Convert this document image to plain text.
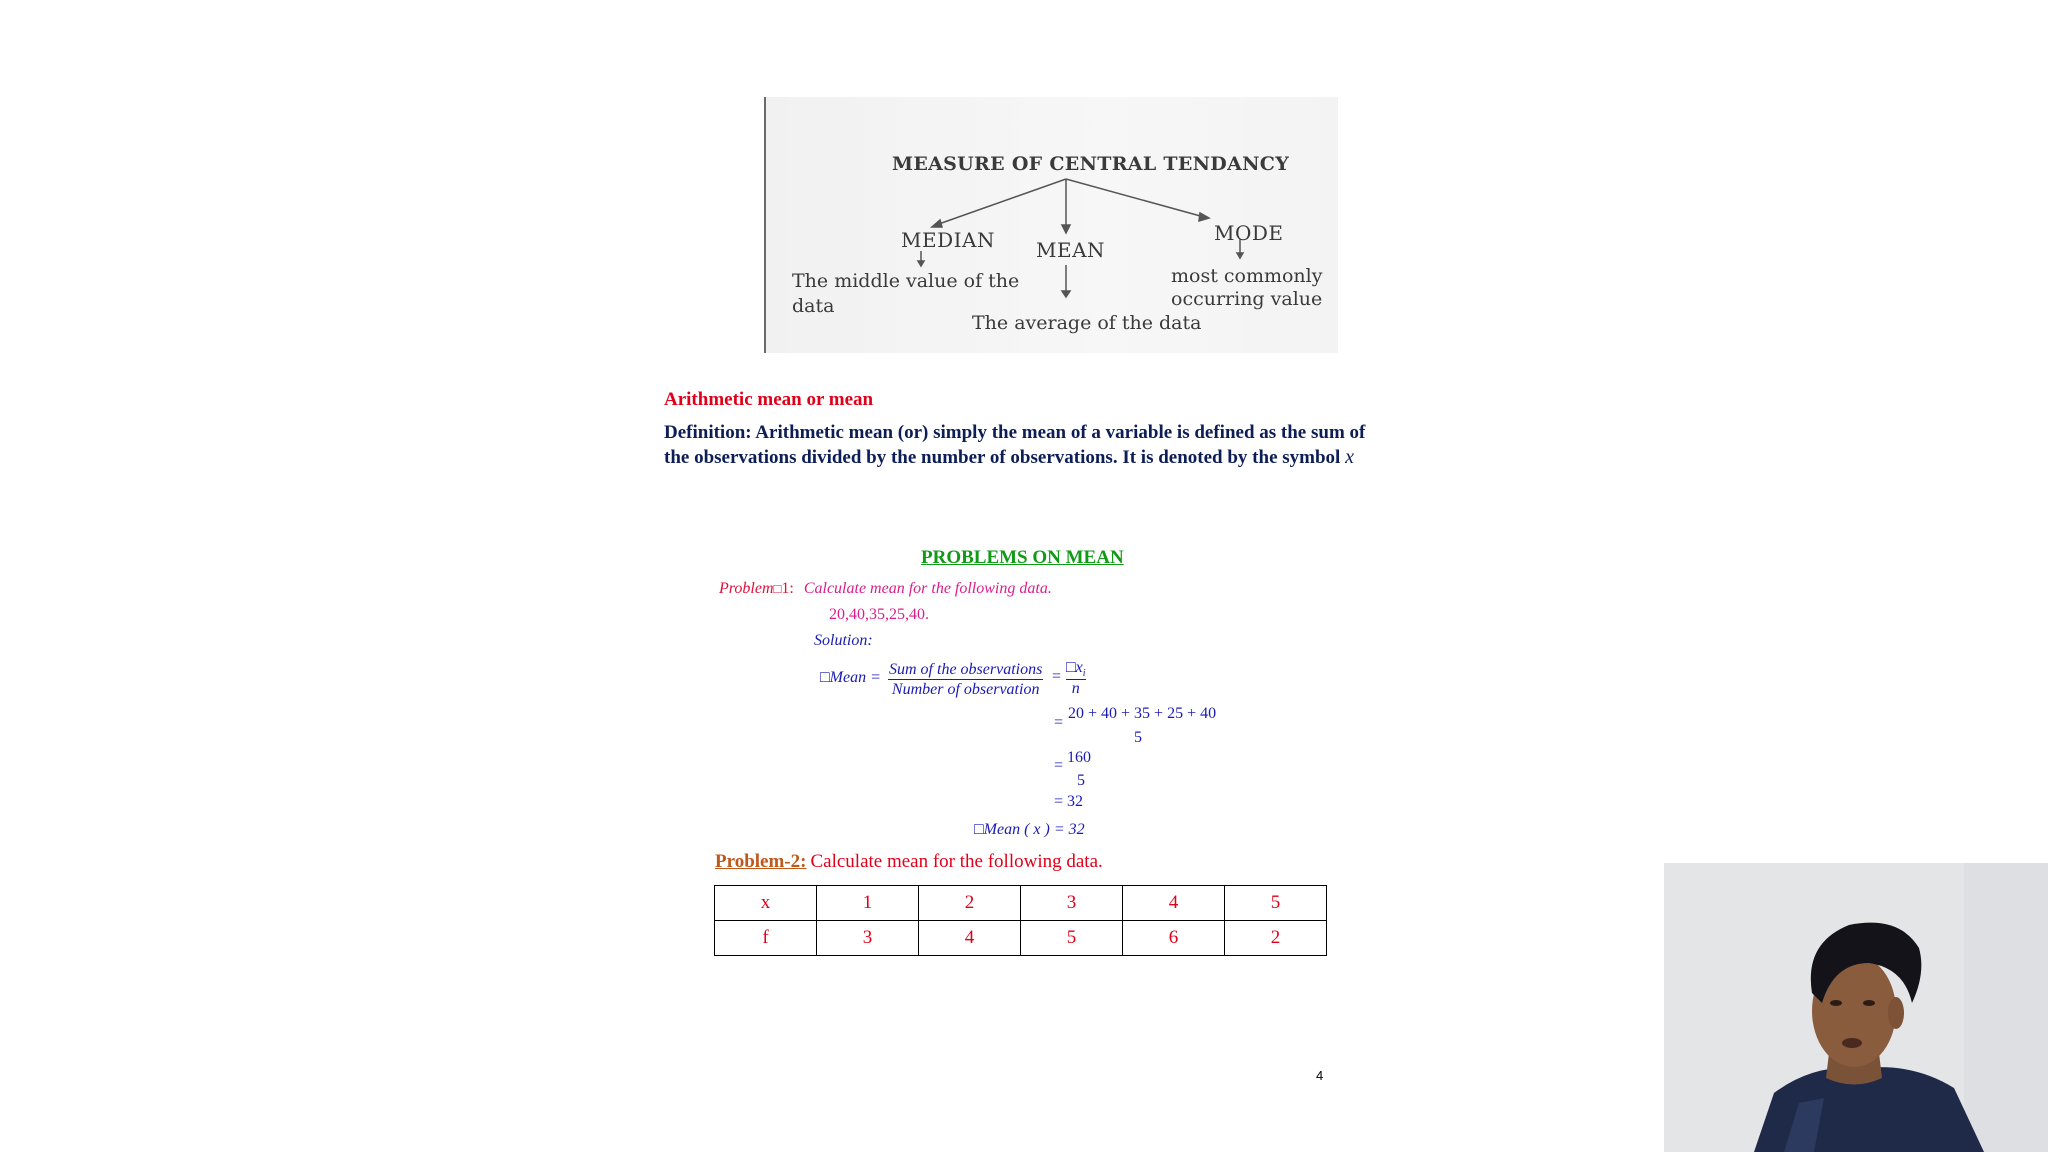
MEASURE OF CENTRAL TENDANCY
MEDIAN MEAN
MODE
The middle value of the
data
The average of the data
most commonly
occurring value
Arithmetic mean or mean
Definition: Arithmetic mean (or) simply the mean of a variable is defined as the sum of
the observations divided by the number of observations. It is denoted by the symbol x
PROBLEMS ON MEAN
Problem□1: Calculate mean for the following data.
20,40,35,25,40.
Solution:
□Mean = Sum of the observations
Number of observation
=
$□x_i$
n
=
20 + 40 + 35 + 25 + 40
5
= 160
5
= 32
□Mean ( x ) = 32
Problem-2: Calculate mean for the following data.
x	1	2	3	4	5
f	3	4	5	6	2
4
